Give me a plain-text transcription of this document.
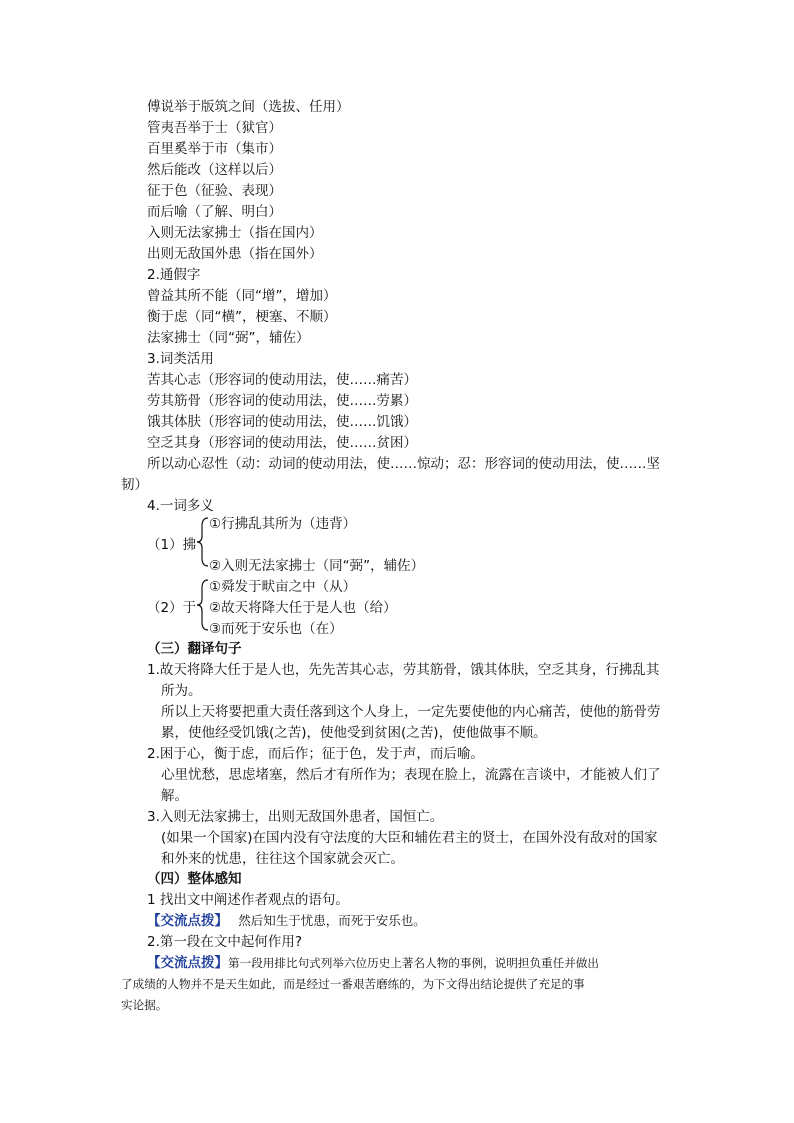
傅说举于版筑之间（选拔、任用）
管夷吾举于士（狱官）
百里奚举于市（集市）
然后能改（这样以后）
征于色（征验、表现）
而后喻（了解、明白）
入则无法家拂士（指在国内）
出则无敌国外患（指在国外）
2.通假字
曾益其所不能（同“增”，增加）
衡于虑（同“横”，梗塞、不顺）
法家拂士（同“弼”，辅佐）
3.词类活用
苦其心志（形容词的使动用法，使……痛苦）
劳其筋骨（形容词的使动用法，使……劳累）
饿其体肤（形容词的使动用法，使……饥饿）
空乏其身（形容词的使动用法，使……贫困）
所以动心忍性（动：动词的使动用法，使……惊动；忍：形容词的使动用法，使……坚
韧）
4.一词多义
（1）拂
①行拂乱其所为（违背）
②入则无法家拂士（同“弼”，辅佐）
（2）于
①舜发于畎亩之中（从）
②故天将降大任于是人也（给）
③而死于安乐也（在）
（三）翻译句子
1.故天将降大任于是人也，先先苦其心志，劳其筋骨，饿其体肤，空乏其身，行拂乱其
所为。
所以上天将要把重大责任落到这个人身上，一定先要使他的内心痛苦，使他的筋骨劳
累，使他经受饥饿(之苦)，使他受到贫困(之苦)，使他做事不顺。
2.困于心，衡于虑，而后作；征于色，发于声，而后喻。
心里忧愁，思虑堵塞，然后才有所作为；表现在脸上，流露在言谈中，才能被人们了
解。
3.入则无法家拂士，出则无敌国外患者，国恒亡。
(如果一个国家)在国内没有守法度的大臣和辅佐君主的贤士，在国外没有敌对的国家
和外来的忧患，往往这个国家就会灭亡。
（四）整体感知
1 找出文中阐述作者观点的语句。
【交流点拨】 然后知生于忧患，而死于安乐也。
2.第一段在文中起何作用?
【交流点拨】第一段用排比句式列举六位历史上著名人物的事例，说明担负重任并做出
了成绩的人物并不是天生如此，而是经过一番艰苦磨练的，为下文得出结论提供了充足的事
实论据。
